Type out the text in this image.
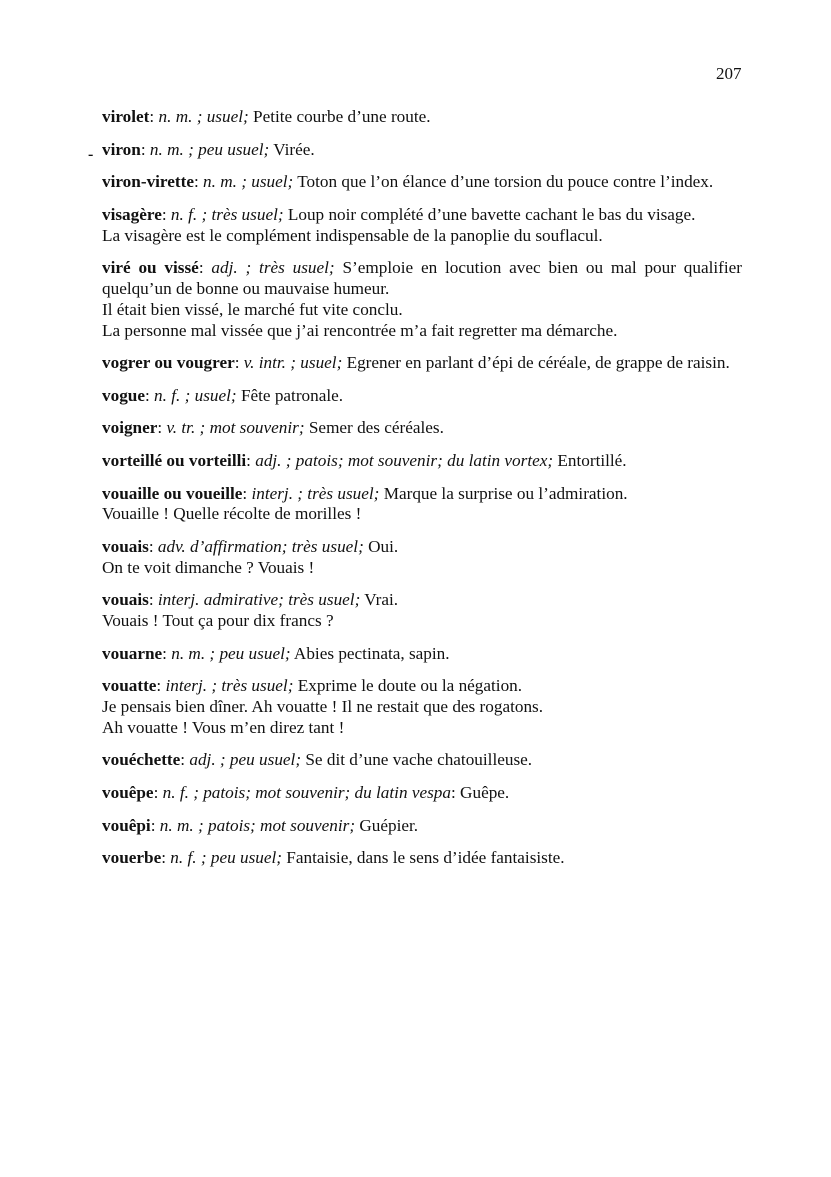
207
-

virolet: n. m. ; usuel; Petite courbe d’une route.

viron: n. m. ; peu usuel; Virée.

viron-virette: n. m. ; usuel; Toton que l’on élance d’une torsion du pouce contre l’index.

visagère: n. f. ; très usuel; Loup noir complété d’une bavette cachant le bas du visage.

La visagère est le complément indispensable de la panoplie du souflacul.

viré ou vissé: adj. ; très usuel; S’emploie en locution avec bien ou mal pour qualifier quelqu’un de bonne ou mauvaise humeur.

Il était bien vissé, le marché fut vite conclu.

La personne mal vissée que j’ai rencontrée m’a fait regretter ma démarche.

vogrer ou vougrer: v. intr. ; usuel; Egrener en parlant d’épi de céréale, de grappe de raisin.

vogue: n. f. ; usuel; Fête patronale.

voigner: v. tr. ; mot souvenir; Semer des céréales.

vorteillé ou vorteilli: adj. ; patois; mot souvenir; du latin vortex; Entortillé.

vouaille ou voueille: interj. ; très usuel; Marque la surprise ou l’admiration.

Vouaille ! Quelle récolte de morilles !

vouais: adv. d’affirmation; très usuel; Oui.

On te voit dimanche ? Vouais !

vouais: interj. admirative; très usuel; Vrai.

Vouais ! Tout ça pour dix francs ?

vouarne: n. m. ; peu usuel; Abies pectinata, sapin.

vouatte: interj. ; très usuel; Exprime le doute ou la négation.

Je pensais bien dîner. Ah vouatte ! Il ne restait que des rogatons.

Ah vouatte ! Vous m’en direz tant !

vouéchette: adj. ; peu usuel; Se dit d’une vache chatouilleuse.

vouêpe: n. f. ; patois; mot souvenir; du latin vespa: Guêpe.

vouêpi: n. m. ; patois; mot souvenir; Guépier.

vouerbe: n. f. ; peu usuel; Fantaisie, dans le sens d’idée fantaisiste.
